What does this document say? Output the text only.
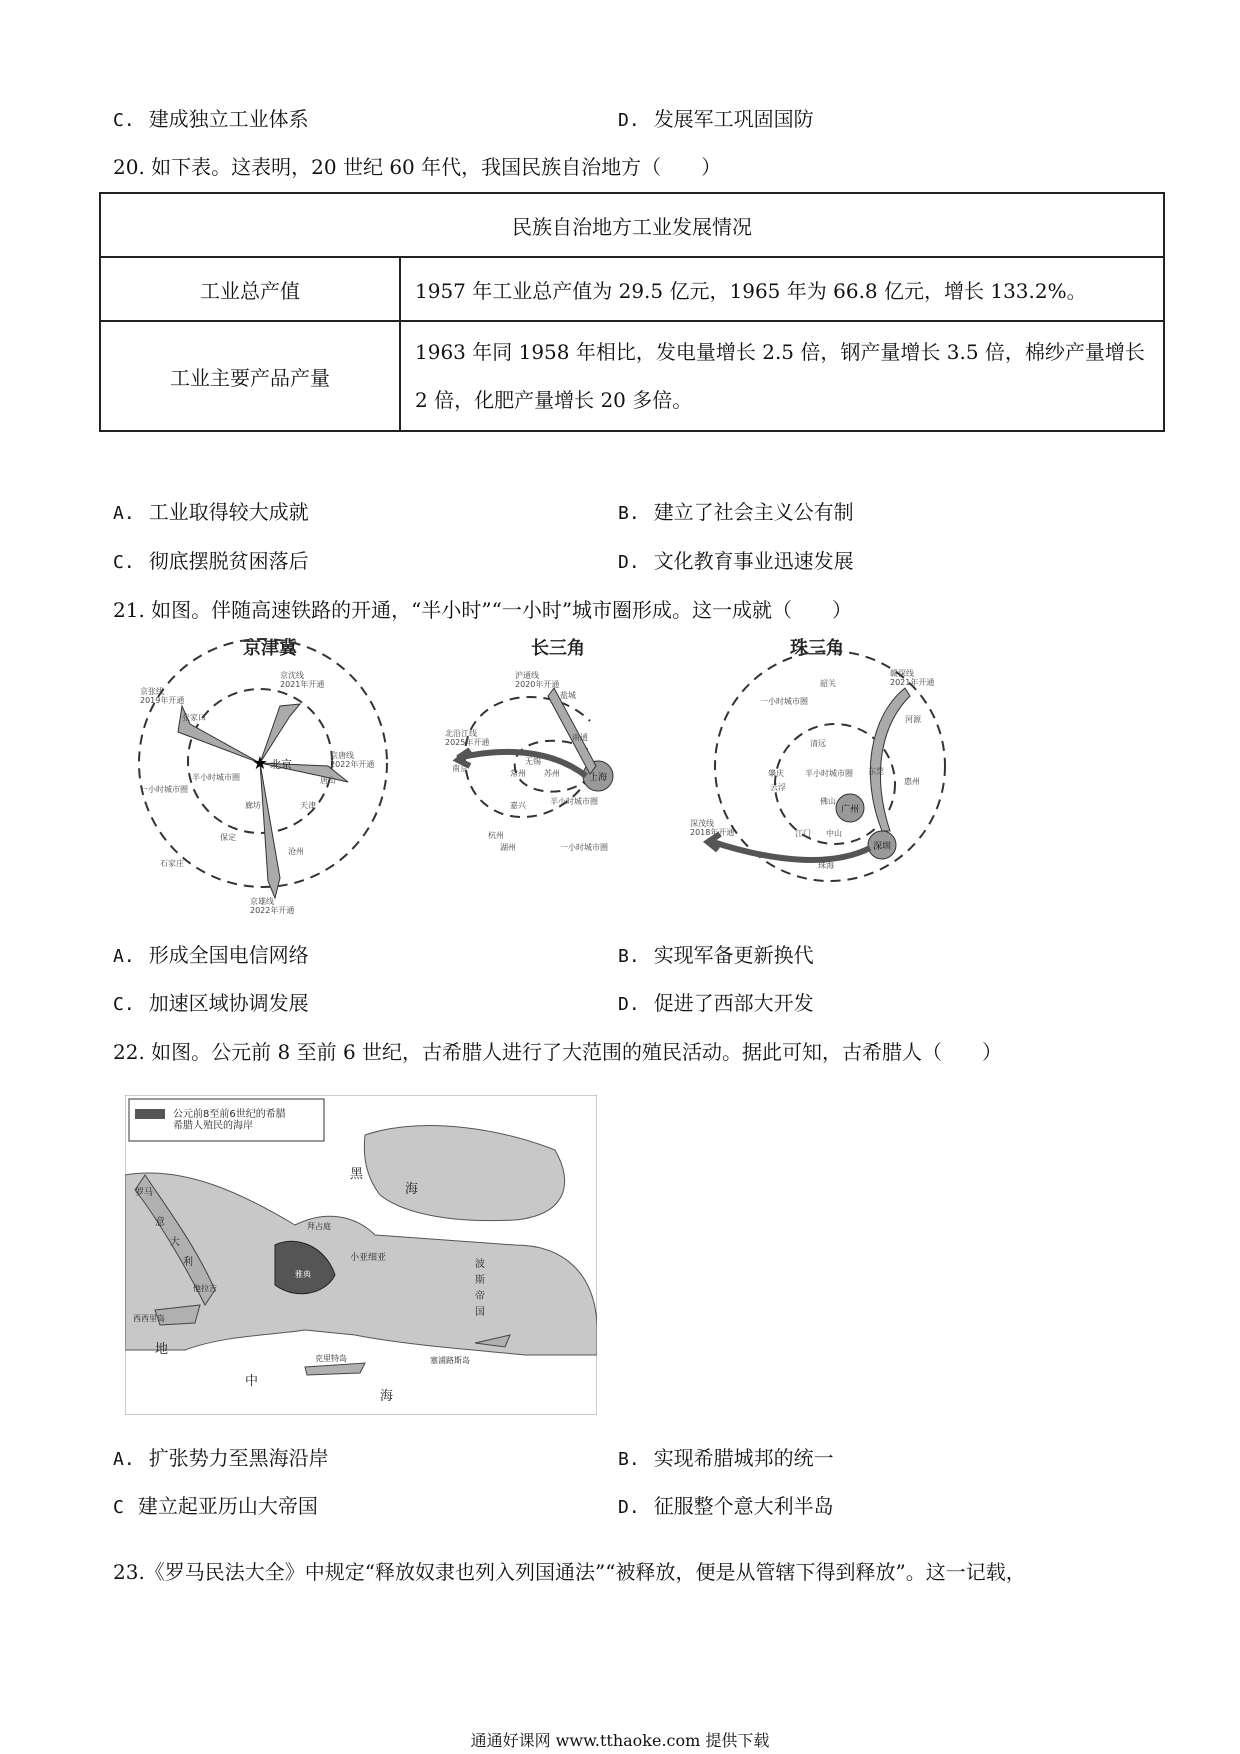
C. 建成独立工业体系	D. 发展军工巩固国防
20. 如下表。这表明，20 世纪 60 年代，我国民族自治地方（　　）
民族自治地方工业发展情况	
工业总产值	1957 年工业总产值为 29.5 亿元，1965 年为 66.8 亿元，增长 133.2%。
工业主要产品产量	1963 年同 1958 年相比，发电量增长 2.5 倍，钢产量增长 3.5 倍，棉纱产量增长
2 倍，化肥产量增长 20 多倍。
A. 工业取得较大成就	B. 建立了社会主义公有制
C. 彻底摆脱贫困落后	D. 文化教育事业迅速发展
21. 如图。伴随高速铁路的开通，“半小时”“一小时”城市圈形成。这一成就（　　）
京津冀
★ 北京
京张线 2019年开通
京沈线 2021年开通
京唐线 2022年开通
京雄线 2022年开通
张家口
半小时城市圈
一小时城市圈
廊坊	天津
唐山
保定
沧州
石家庄
长三角
上海
沪通线 2020年开通
盐城
北沿江线 2025年开通
南京
常州
无锡
苏州
半小时城市圈
嘉兴
杭州
一小时城市圈
南通
湖州
珠三角
广州
深圳
赣深线 2021年开通
一小时城市圈
河源
清远
半小时城市圈 东莞
惠州
肇庆
云浮
佛山
深茂线 2018年开通	江门 中山
珠海
韶关
A. 形成全国电信网络	B. 实现军备更新换代
C. 加速区域协调发展	D. 促进了西部大开发
22. 如图。公元前 8 至前 6 世纪，古希腊人进行了大范围的殖民活动。据此可知，古希腊人（　　）
公元前8至前6世纪的希腊希腊人殖民的海岸
黑
海
小亚细亚
波
斯
帝
国
地
中
海
西西里岛
克里特岛	塞浦路斯岛
雅典
拜占庭
意
大
利
罗马
他拉吉
A. 扩张势力至黑海沿岸	B. 实现希腊城邦的统一
C 建立起亚历山大帝国	D. 征服整个意大利半岛
23.《罗马民法大全》中规定“释放奴隶也列入列国通法”“被释放，便是从管辖下得到释放”。这一记载，
通通好课网 www.tthaoke.com 提供下载
